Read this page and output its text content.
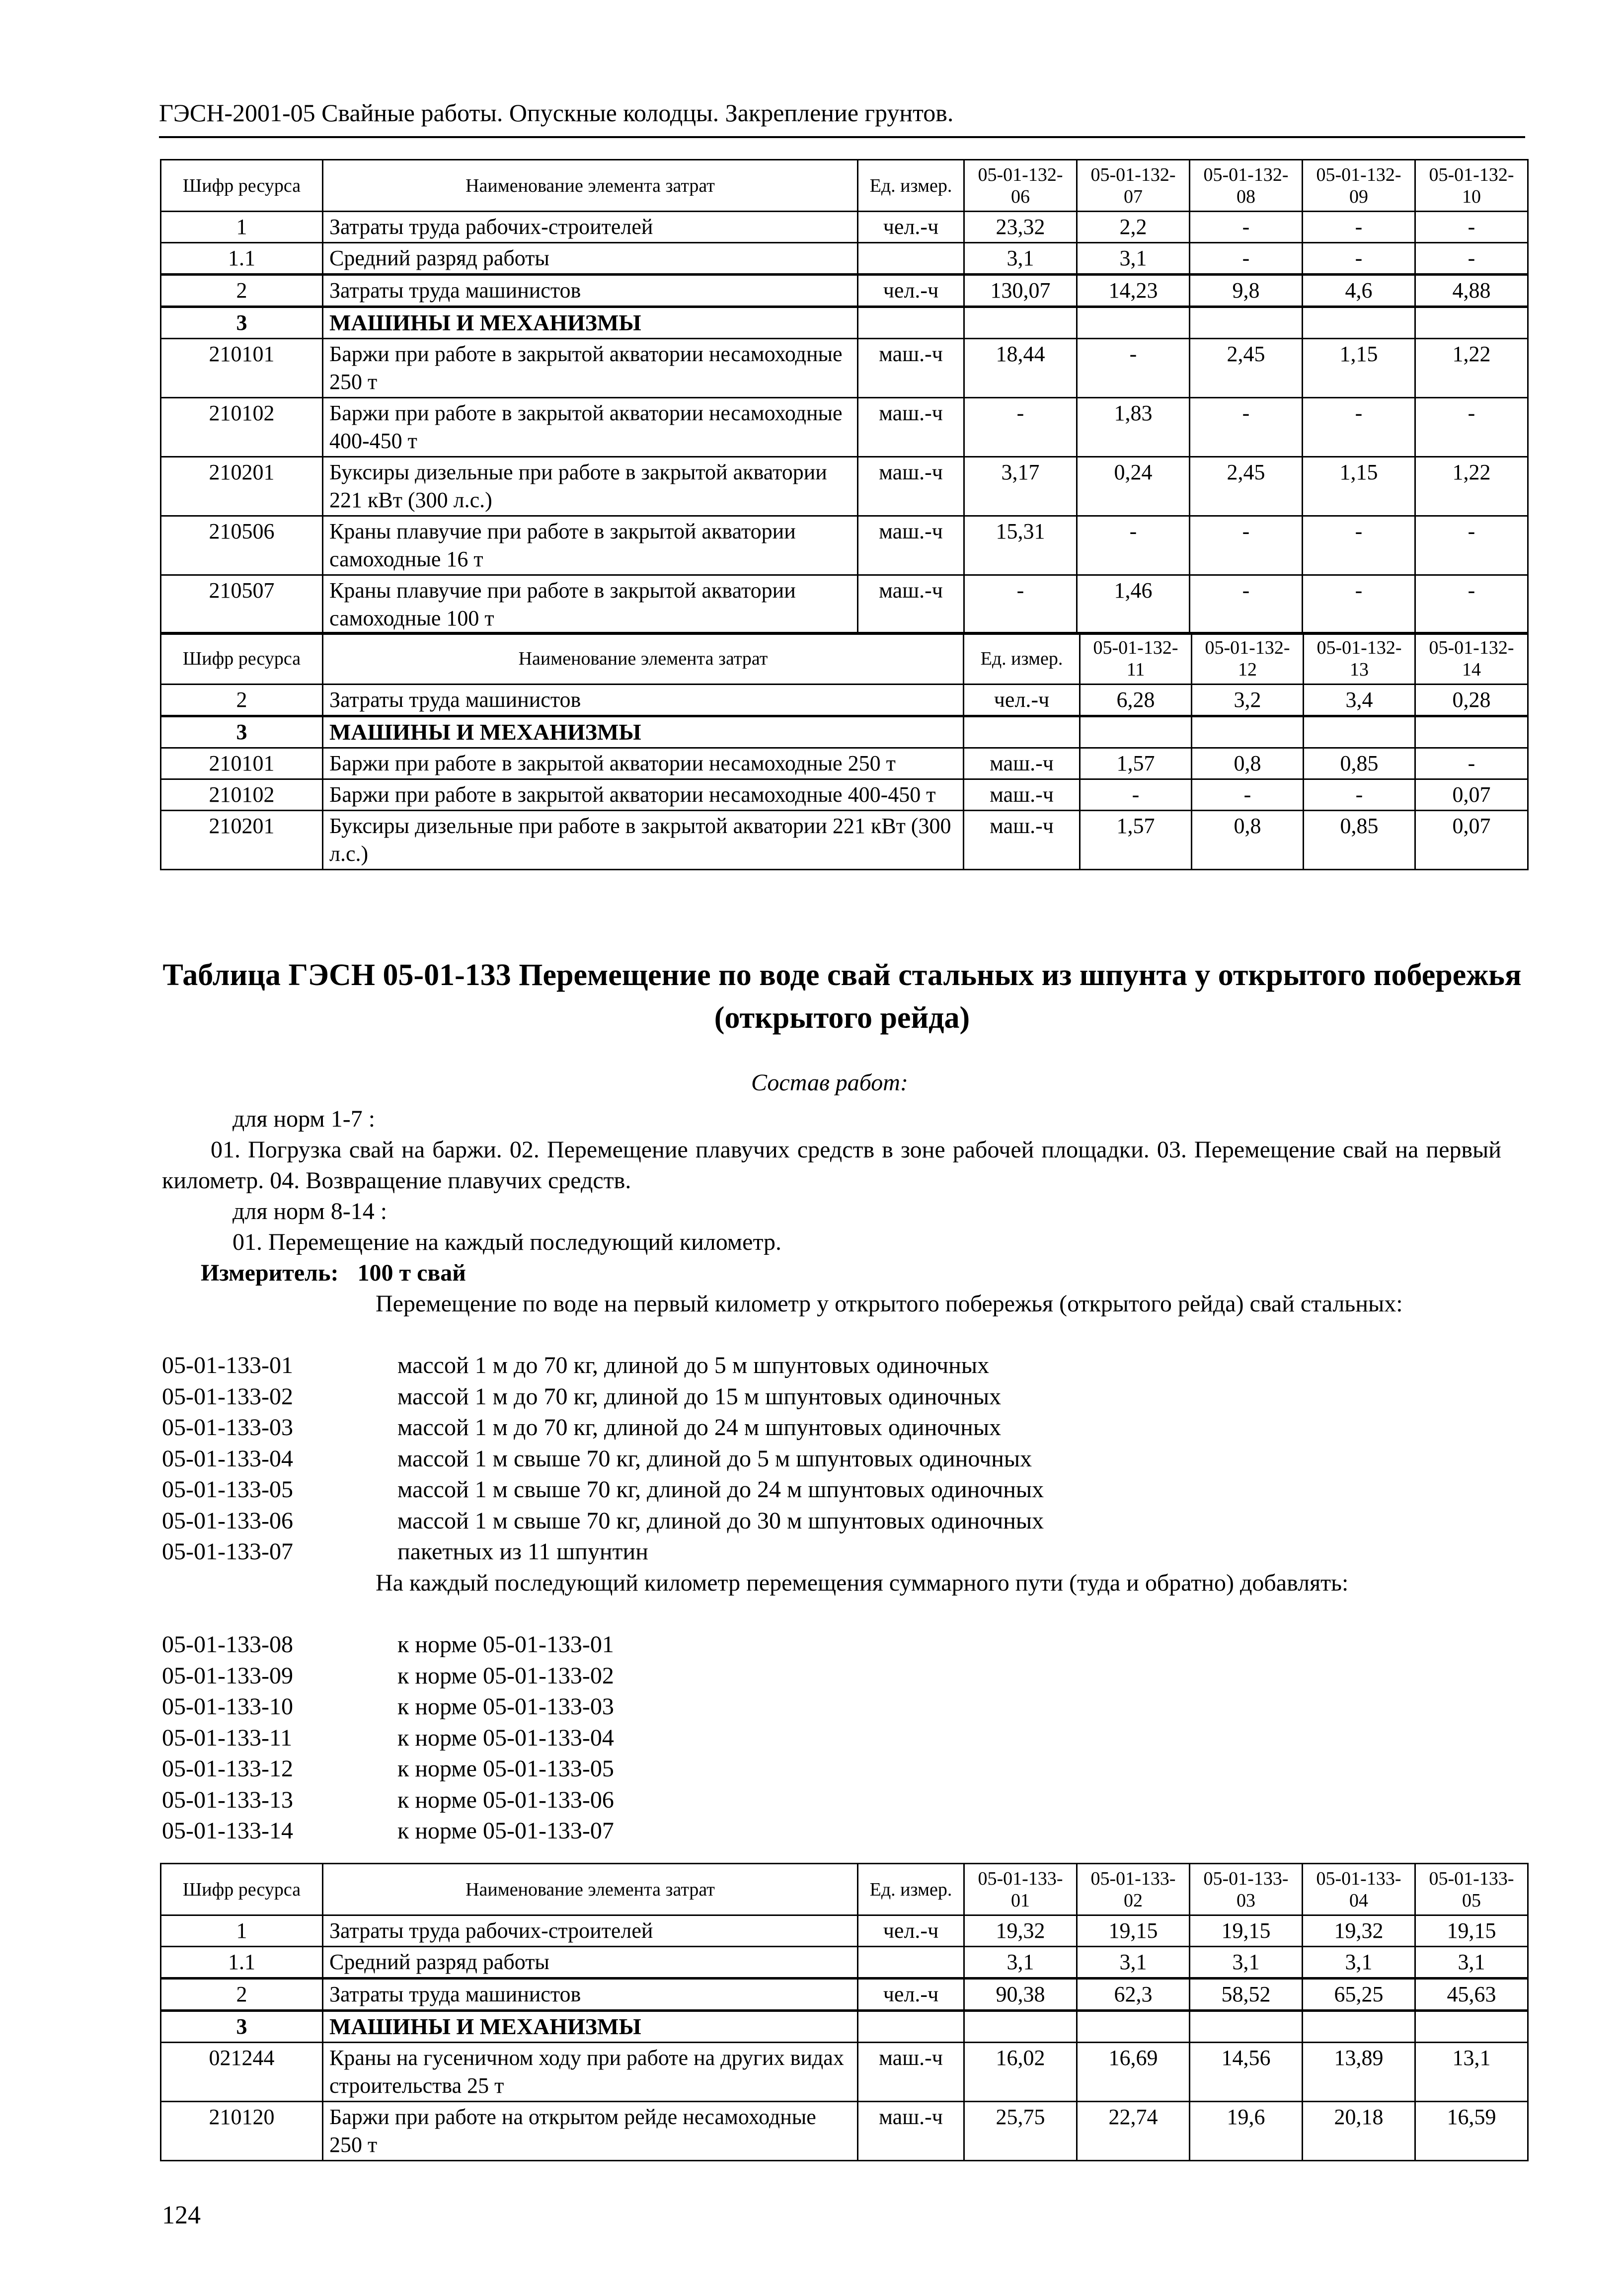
ГЭСН-2001-05 Свайные работы. Опускные колодцы. Закрепление грунтов.
Шифр ресурса	Наименование элемента затрат	Ед. измер.	05-01-132-06	05-01-132-07	05-01-132-08	05-01-132-09	05-01-132-10
1	Затраты труда рабочих-строителей	чел.-ч	23,32	2,2	-	-	-
1.1	Средний разряд работы		3,1	3,1	-	-	-
2	Затраты труда машинистов	чел.-ч	130,07	14,23	9,8	4,6	4,88
3	МАШИНЫ И МЕХАНИЗМЫ						
210101	Баржи при работе в закрытой акватории несамоходные 250 т	маш.-ч	18,44	-	2,45	1,15	1,22
210102	Баржи при работе в закрытой акватории несамоходные 400-450 т	маш.-ч	-	1,83	-	-	-
210201	Буксиры дизельные при работе в закрытой акватории 221 кВт (300 л.с.)	маш.-ч	3,17	0,24	2,45	1,15	1,22
210506	Краны плавучие при работе в закрытой акватории самоходные 16 т	маш.-ч	15,31	-	-	-	-
210507	Краны плавучие при работе в закрытой акватории самоходные 100 т	маш.-ч	-	1,46	-	-	-
Шифр ресурса	Наименование элемента затрат	Ед. измер.	05-01-132-11	05-01-132-12	05-01-132-13	05-01-132-14
2	Затраты труда машинистов	чел.-ч	6,28	3,2	3,4	0,28
3	МАШИНЫ И МЕХАНИЗМЫ					
210101	Баржи при работе в закрытой акватории несамоходные 250 т	маш.-ч	1,57	0,8	0,85	-
210102	Баржи при работе в закрытой акватории несамоходные 400-450 т	маш.-ч	-	-	-	0,07
210201	Буксиры дизельные при работе в закрытой акватории 221 кВт (300 л.с.)	маш.-ч	1,57	0,8	0,85	0,07
Таблица ГЭСН 05-01-133 Перемещение по воде свай стальных из шпунта у открытого побережья (открытого рейда)
Состав работ:
для норм 1-7 :
01. Погрузка свай на баржи. 02. Перемещение плавучих средств в зоне рабочей площадки. 03. Перемещение свай на первый километр. 04. Возвращение плавучих средств.
для норм 8-14 :
01. Перемещение на каждый последующий километр.
Измеритель: 100 т свай
Перемещение по воде на первый километр у открытого побережья (открытого рейда) свай стальных:
05-01-133-01	массой 1 м до 70 кг, длиной до 5 м шпунтовых одиночных
05-01-133-02	массой 1 м до 70 кг, длиной до 15 м шпунтовых одиночных
05-01-133-03	массой 1 м до 70 кг, длиной до 24 м шпунтовых одиночных
05-01-133-04	массой 1 м свыше 70 кг, длиной до 5 м шпунтовых одиночных
05-01-133-05	массой 1 м свыше 70 кг, длиной до 24 м шпунтовых одиночных
05-01-133-06	массой 1 м свыше 70 кг, длиной до 30 м шпунтовых одиночных
05-01-133-07	пакетных из 11 шпунтин
На каждый последующий километр перемещения суммарного пути (туда и обратно) добавлять:
05-01-133-08	к норме 05-01-133-01
05-01-133-09	к норме 05-01-133-02
05-01-133-10	к норме 05-01-133-03
05-01-133-11	к норме 05-01-133-04
05-01-133-12	к норме 05-01-133-05
05-01-133-13	к норме 05-01-133-06
05-01-133-14	к норме 05-01-133-07
Шифр ресурса	Наименование элемента затрат	Ед. измер.	05-01-133-01	05-01-133-02	05-01-133-03	05-01-133-04	05-01-133-05
1	Затраты труда рабочих-строителей	чел.-ч	19,32	19,15	19,15	19,32	19,15
1.1	Средний разряд работы		3,1	3,1	3,1	3,1	3,1
2	Затраты труда машинистов	чел.-ч	90,38	62,3	58,52	65,25	45,63
3	МАШИНЫ И МЕХАНИЗМЫ						
021244	Краны на гусеничном ходу при работе на других видах строительства 25 т	маш.-ч	16,02	16,69	14,56	13,89	13,1
210120	Баржи при работе на открытом рейде несамоходные 250 т	маш.-ч	25,75	22,74	19,6	20,18	16,59
124
